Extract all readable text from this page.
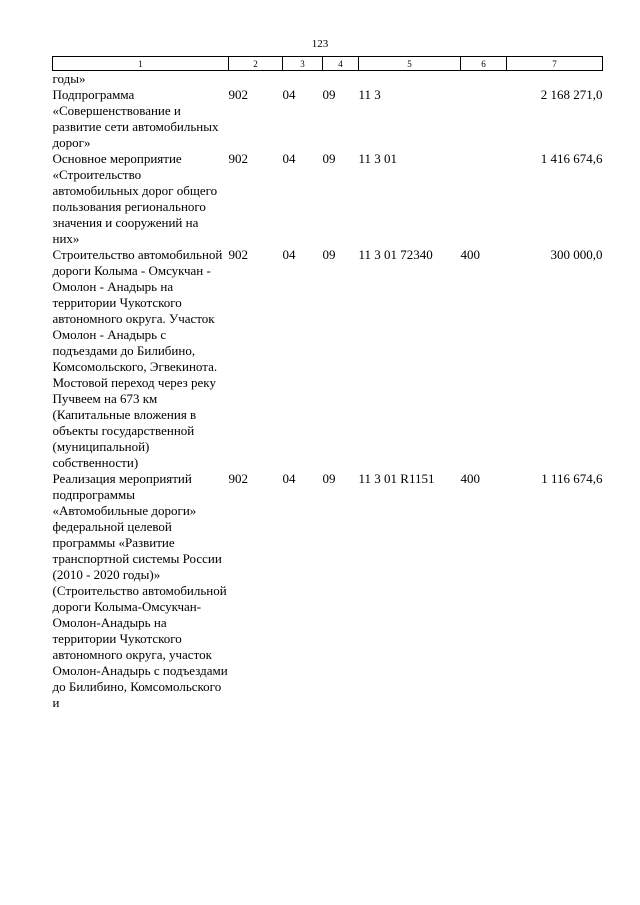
123
1	2	3	4	5	6	7
годы»						
Подпрограмма «Совершенствование и развитие сети автомобильных дорог»	902	04	09	11 3		2 168 271,0
Основное мероприятие «Строительство автомобильных дорог общего пользования регионального значения и сооружений на них»	902	04	09	11 3 01		1 416 674,6
Строительство автомобильной дороги Колыма - Омсукчан - Омолон - Анадырь на территории Чукотского автономного округа. Участок Омолон - Анадырь с подъездами до Билибино, Комсомольского, Эгвекинота. Мостовой переход через реку Пучвеем на 673 км (Капитальные вложения в объекты государственной (муниципальной) собственности)	902	04	09	11 3 01 72340	400	300 000,0
Реализация мероприятий подпрограммы «Автомобильные дороги» федеральной целевой программы «Развитие транспортной системы России (2010 - 2020 годы)» (Строительство автомобильной дороги Колыма-Омсукчан-Омолон-Анадырь на территории Чукотского автономного округа, участок Омолон-Анадырь с подъездами до Билибино, Комсомольского и	902	04	09	11 3 01 R1151	400	1 116 674,6
